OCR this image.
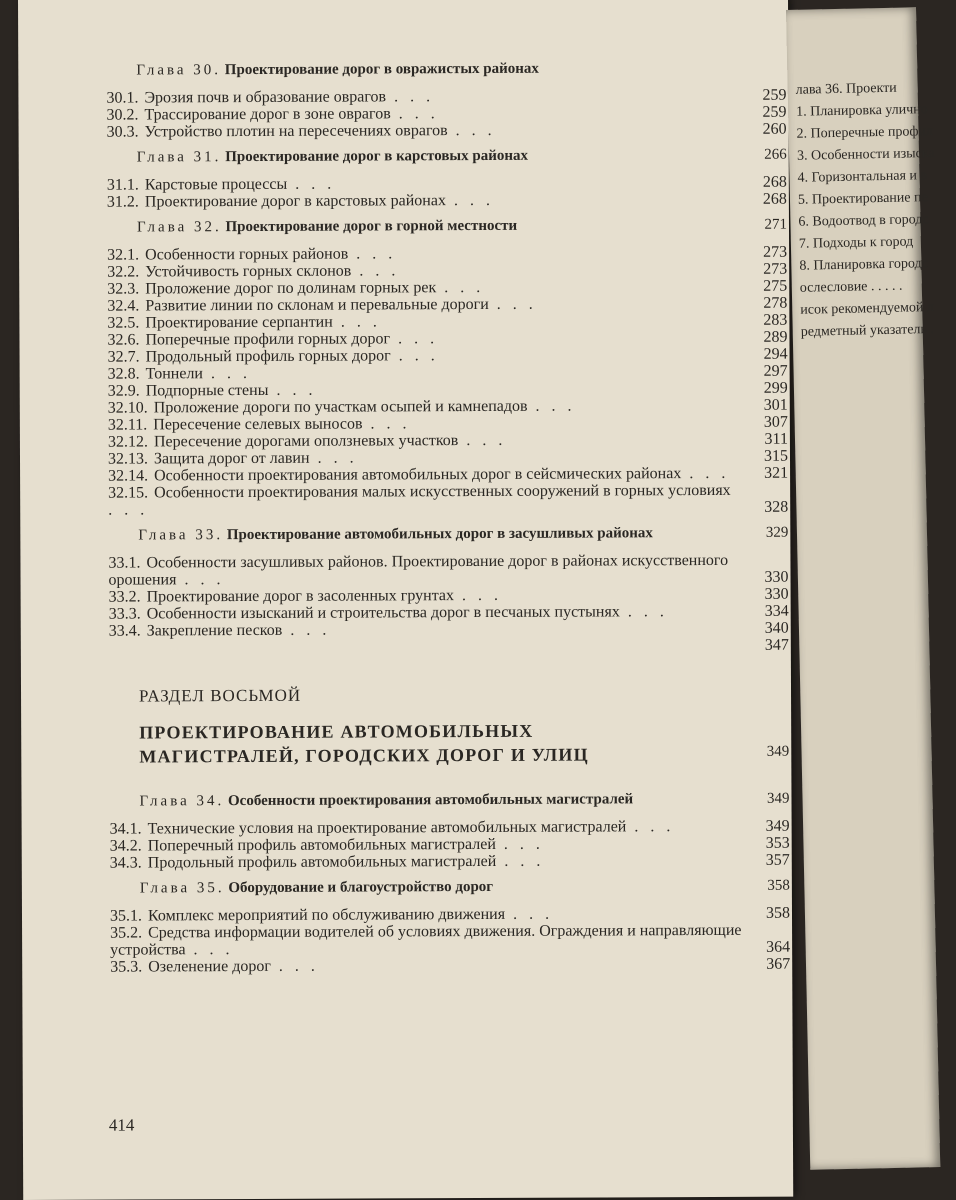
Глава 30. Проектирование дорог в овражистых районах
30.1. Эрозия почв и образование оврагов . . .	259
30.2. Трассирование дорог в зоне оврагов . . .	259
30.3. Устройство плотин на пересечениях оврагов . . .	260
Глава 31. Проектирование дорог в карстовых районах	266
31.1. Карстовые процессы . . .	268
31.2. Проектирование дорог в карстовых районах . . .	268
Глава 32. Проектирование дорог в горной местности	271
32.1. Особенности горных районов . . .	273
32.2. Устойчивость горных склонов . . .	273
32.3. Проложение дорог по долинам горных рек . . .	275
32.4. Развитие линии по склонам и перевальные дороги . . .	278
32.5. Проектирование серпантин . . .	283
32.6. Поперечные профили горных дорог . . .	289
32.7. Продольный профиль горных дорог . . .	294
32.8. Тоннели . . .	297
32.9. Подпорные стены . . .	299
32.10. Проложение дороги по участкам осыпей и камнепадов . . .	301
32.11. Пересечение селевых выносов . . .	307
32.12. Пересечение дорогами оползневых участков . . .	311
32.13. Защита дорог от лавин . . .	315
32.14. Особенности проектирования автомобильных дорог в сейсмических районах . . . 321
32.15. Особенности проектирования малых искусственных сооружений в горных условиях . . .	328
Глава 33. Проектирование автомобильных дорог в засушливых районах	329
33.1. Особенности засушливых районов. Проектирование дорог в районах искусственного орошения . . .	330
33.2. Проектирование дорог в засоленных грунтах . . .	330
33.3. Особенности изысканий и строительства дорог в песчаных пустынях . . .	334
33.4. Закрепление песков . . .	340
347
РАЗДЕЛ ВОСЬМОЙ
ПРОЕКТИРОВАНИЕ АВТОМОБИЛЬНЫХ
МАГИСТРАЛЕЙ, ГОРОДСКИХ ДОРОГ И УЛИЦ	349
Глава 34. Особенности проектирования автомобильных магистралей	349
34.1. Технические условия на проектирование автомобильных магистралей . . .	349
34.2. Поперечный профиль автомобильных магистралей . . .	353
34.3. Продольный профиль автомобильных магистралей . . .	357
Глава 35. Оборудование и благоустройство дорог	358
35.1. Комплекс мероприятий по обслуживанию движения . . .	358
35.2. Средства информации водителей об условиях движения. Ограждения и направляющие устройства . . .	364
35.3. Озеленение дорог . . .	367
414
лава 36. Проекти
1. Планировка улично
2. Поперечные профил
3. Особенности изыска
4. Горизонтальная и в
5. Проектирование пе
6. Водоотвод в городс
7. Подходы к город
8. Планировка городс
ослесловие . . . . .
исок рекомендуемой л
редметный указатель .
